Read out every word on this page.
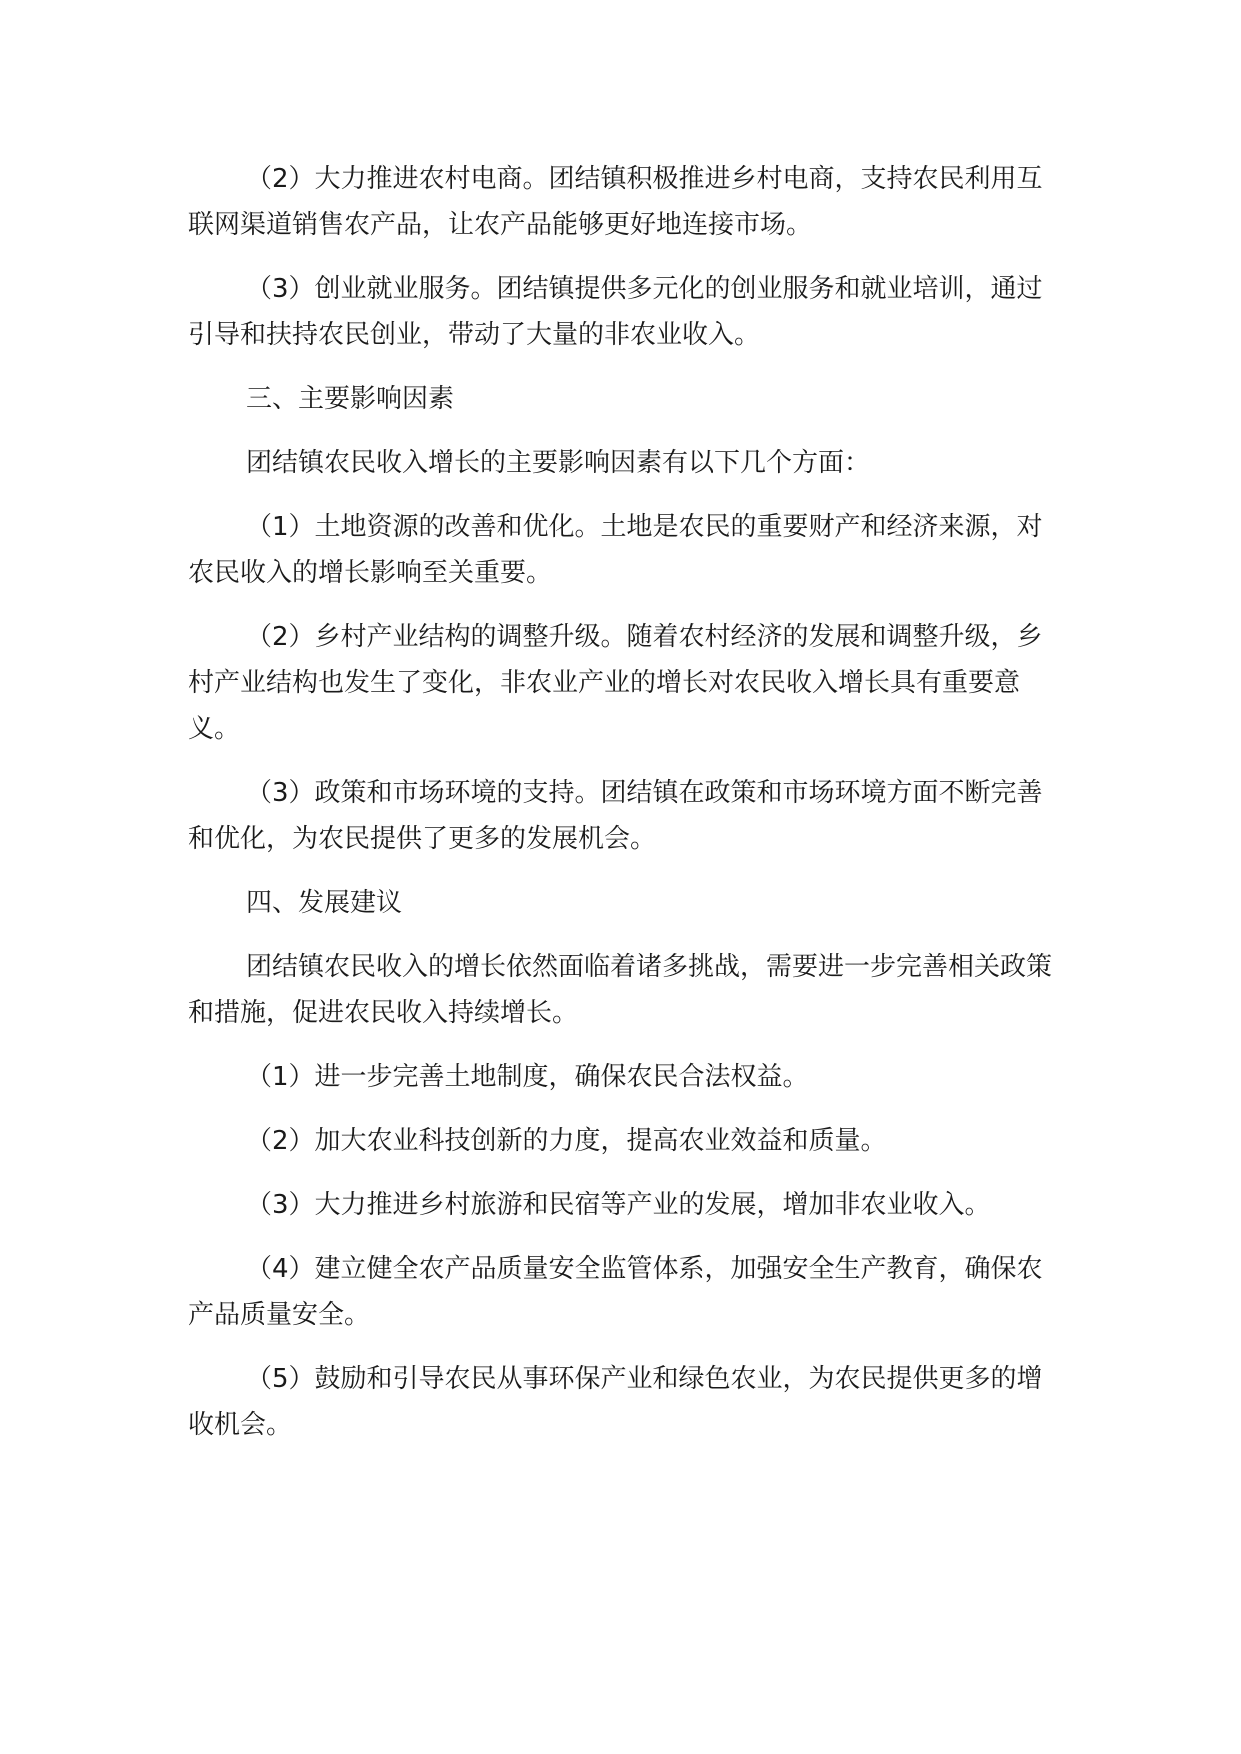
（2）大力推进农村电商。团结镇积极推进乡村电商，支持农民利用互联网渠道销售农产品，让农产品能够更好地连接市场。

（3）创业就业服务。团结镇提供多元化的创业服务和就业培训，通过引导和扶持农民创业，带动了大量的非农业收入。

三、主要影响因素

团结镇农民收入增长的主要影响因素有以下几个方面：

（1）土地资源的改善和优化。土地是农民的重要财产和经济来源，对农民收入的增长影响至关重要。

（2）乡村产业结构的调整升级。随着农村经济的发展和调整升级，乡村产业结构也发生了变化，非农业产业的增长对农民收入增长具有重要意义。

（3）政策和市场环境的支持。团结镇在政策和市场环境方面不断完善和优化，为农民提供了更多的发展机会。

四、发展建议

团结镇农民收入的增长依然面临着诸多挑战，需要进一步完善相关政策和措施，促进农民收入持续增长。

（1）进一步完善土地制度，确保农民合法权益。

（2）加大农业科技创新的力度，提高农业效益和质量。

（3）大力推进乡村旅游和民宿等产业的发展，增加非农业收入。

（4）建立健全农产品质量安全监管体系，加强安全生产教育，确保农产品质量安全。

（5）鼓励和引导农民从事环保产业和绿色农业，为农民提供更多的增收机会。
